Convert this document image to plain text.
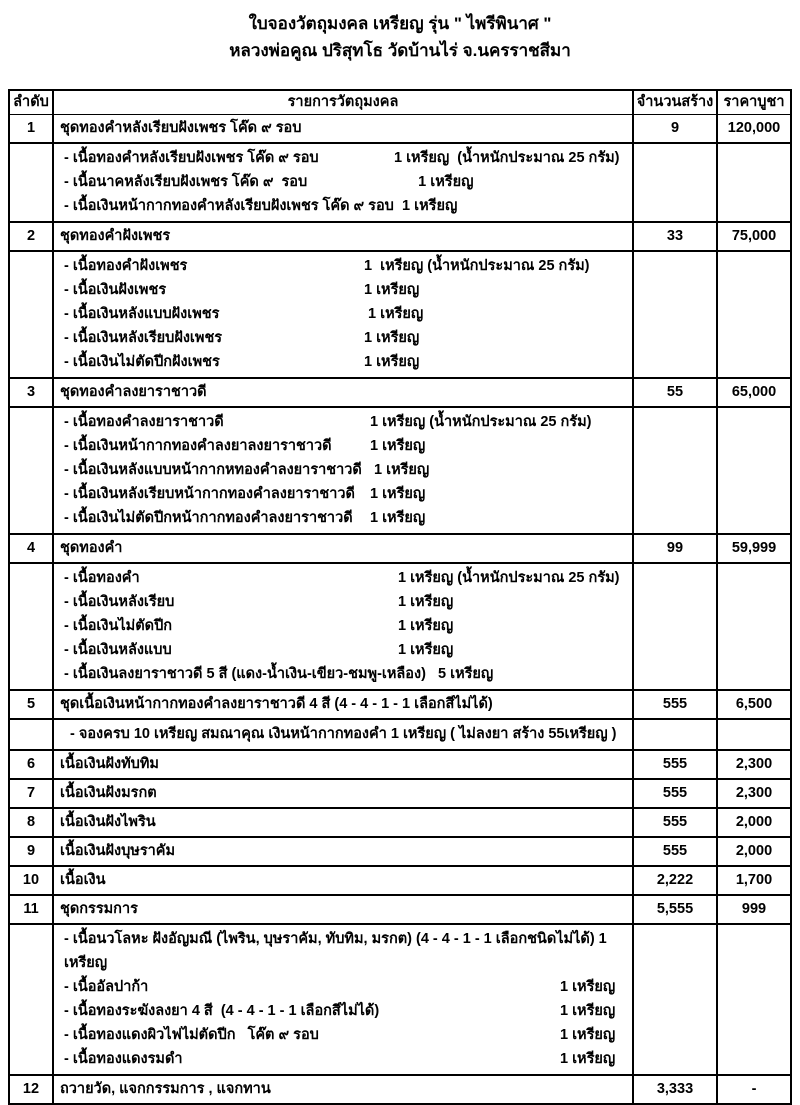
ใบจองวัตถุมงคล เหรียญ รุ่น " ไพรีพินาศ "
หลวงพ่อคูณ ปริสุทโธ วัดบ้านไร่ จ.นครราชสีมา
ลำดับ	รายการวัตถุมงคล	จำนวนสร้าง ราคาบูชา
1	ชุดทองคำหลังเรียบฝังเพชร โค๊ด ๙ รอบ	9	120,000
- เนื้อทองคำหลังเรียบฝังเพชร โค๊ด ๙ รอบ	1 เหรียญ  (น้ำหนักประมาณ 25 กรัม)
- เนื้อนาคหลังเรียบฝังเพชร โค๊ด ๙  รอบ	1 เหรียญ
- เนื้อเงินหน้ากากทองคำหลังเรียบฝังเพชร โค๊ด ๙ รอบ  1 เหรียญ
2	ชุดทองคำฝังเพชร	33	75,000
- เนื้อทองคำฝังเพชร	1  เหรียญ (น้ำหนักประมาณ 25 กรัม)
- เนื้อเงินฝังเพชร	1 เหรียญ
- เนื้อเงินหลังแบบฝังเพชร	1 เหรียญ
- เนื้อเงินหลังเรียบฝังเพชร	1 เหรียญ
- เนื้อเงินไม่ตัดปีกฝังเพชร	1 เหรียญ
3	ชุดทองคำลงยาราชาวดี	55	65,000
- เนื้อทองคำลงยาราชาวดี	1 เหรียญ (น้ำหนักประมาณ 25 กรัม)
- เนื้อเงินหน้ากากทองคำลงยาลงยาราชาวดี	1 เหรียญ
- เนื้อเงินหลังแบบหน้ากากหทองคำลงยาราชาวดี 1 เหรียญ
- เนื้อเงินหลังเรียบหน้ากากทองคำลงยาราชาวดี 1 เหรียญ
- เนื้อเงินไม่ตัดปีกหน้ากากทองคำลงยาราชาวดี 1 เหรียญ
4	ชุดทองคำ	99	59,999
- เนื้อทองคำ	1 เหรียญ (น้ำหนักประมาณ 25 กรัม)
- เนื้อเงินหลังเรียบ	1 เหรียญ
- เนื้อเงินไม่ตัดปีก	1 เหรียญ
- เนื้อเงินหลังแบบ	1 เหรียญ
- เนื้อเงินลงยาราชาวดี 5 สี (แดง-น้ำเงิน-เขียว-ชมพู-เหลือง)   5 เหรียญ
5	ชุดเนื้อเงินหน้ากากทองคำลงยาราชาวดี 4 สี (4 - 4 - 1 - 1 เลือกสีไม่ได้)	555	6,500
- จองครบ 10 เหรียญ สมณาคุณ เงินหน้ากากทองคำ 1 เหรียญ ( ไม่ลงยา สร้าง 55เหรียญ )
6	เนื้อเงินฝังทับทิม	555	2,300
7	เนื้อเงินฝังมรกต	555	2,300
8	เนื้อเงินฝังไพริน	555	2,000
9	เนื้อเงินฝังบุษราคัม	555	2,000
10	เนื้อเงิน	2,222	1,700
11	ชุดกรรมการ	5,555	999
- เนื้อนวโลหะ ฝังอัญมณี (ไพริน, บุษราคัม, ทับทิม, มรกต) (4 - 4 - 1 - 1 เลือกชนิดไม่ได้) 1 เหรียญ
- เนื้ออัลปาก้า	1 เหรียญ
- เนื้อทองระฆังลงยา 4 สี  (4 - 4 - 1 - 1 เลือกสีไม่ได้)	1 เหรียญ
- เนื้อทองแดงผิวไฟไม่ตัดปีก   โค๊ต ๙ รอบ	1 เหรียญ
- เนื้อทองแดงรมดำ	1 เหรียญ
12	ถวายวัด, แจกกรรมการ , แจกทาน	3,333	-
